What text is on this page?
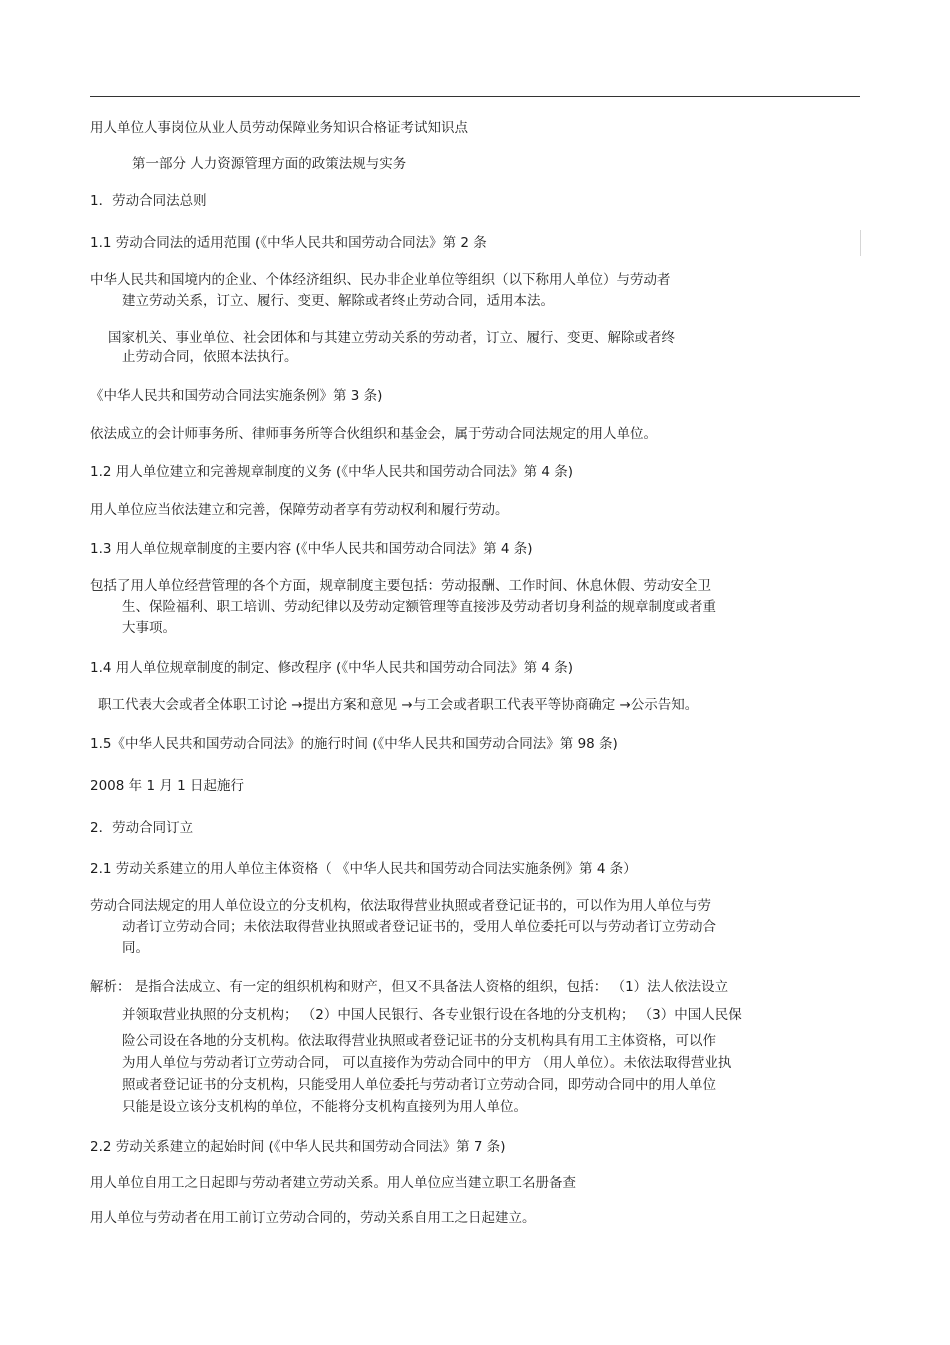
用人单位人事岗位从业人员劳动保障业务知识合格证考试知识点
第一部分 人力资源管理方面的政策法规与实务
1．劳动合同法总则
1.1 劳动合同法的适用范围 (《中华人民共和国劳动合同法》第 2 条
中华人民共和国境内的企业、个体经济组织、民办非企业单位等组织（以下称用人单位）与劳动者
建立劳动关系，订立、履行、变更、解除或者终止劳动合同，适用本法。
国家机关、事业单位、社会团体和与其建立劳动关系的劳动者，订立、履行、变更、解除或者终
止劳动合同，依照本法执行。
《中华人民共和国劳动合同法实施条例》第 3 条)
依法成立的会计师事务所、律师事务所等合伙组织和基金会，属于劳动合同法规定的用人单位。
1.2 用人单位建立和完善规章制度的义务 (《中华人民共和国劳动合同法》第 4 条)
用人单位应当依法建立和完善，保障劳动者享有劳动权利和履行劳动。
1.3 用人单位规章制度的主要内容 (《中华人民共和国劳动合同法》第 4 条)
包括了用人单位经营管理的各个方面，规章制度主要包括：劳动报酬、工作时间、休息休假、劳动安全卫
生、保险福利、职工培训、劳动纪律以及劳动定额管理等直接涉及劳动者切身利益的规章制度或者重
大事项。
1.4 用人单位规章制度的制定、修改程序 (《中华人民共和国劳动合同法》第 4 条)
职工代表大会或者全体职工讨论 →提出方案和意见 →与工会或者职工代表平等协商确定 →公示告知。
1.5《中华人民共和国劳动合同法》的施行时间 (《中华人民共和国劳动合同法》第 98 条)
2008 年 1 月 1 日起施行
2．劳动合同订立
2.1 劳动关系建立的用人单位主体资格（ 《中华人民共和国劳动合同法实施条例》第 4 条）
劳动合同法规定的用人单位设立的分支机构，依法取得营业执照或者登记证书的，可以作为用人单位与劳
动者订立劳动合同；未依法取得营业执照或者登记证书的，受用人单位委托可以与劳动者订立劳动合
同。
解析： 是指合法成立、有一定的组织机构和财产，但又不具备法人资格的组织，包括： （1）法人依法设立
并领取营业执照的分支机构； （2）中国人民银行、各专业银行设在各地的分支机构； （3）中国人民保
险公司设在各地的分支机构。依法取得营业执照或者登记证书的分支机构具有用工主体资格，可以作
为用人单位与劳动者订立劳动合同， 可以直接作为劳动合同中的甲方 （用人单位）。未依法取得营业执
照或者登记证书的分支机构，只能受用人单位委托与劳动者订立劳动合同，即劳动合同中的用人单位
只能是设立该分支机构的单位，不能将分支机构直接列为用人单位。
2.2 劳动关系建立的起始时间 (《中华人民共和国劳动合同法》第 7 条)
用人单位自用工之日起即与劳动者建立劳动关系。用人单位应当建立职工名册备查
用人单位与劳动者在用工前订立劳动合同的，劳动关系自用工之日起建立。
